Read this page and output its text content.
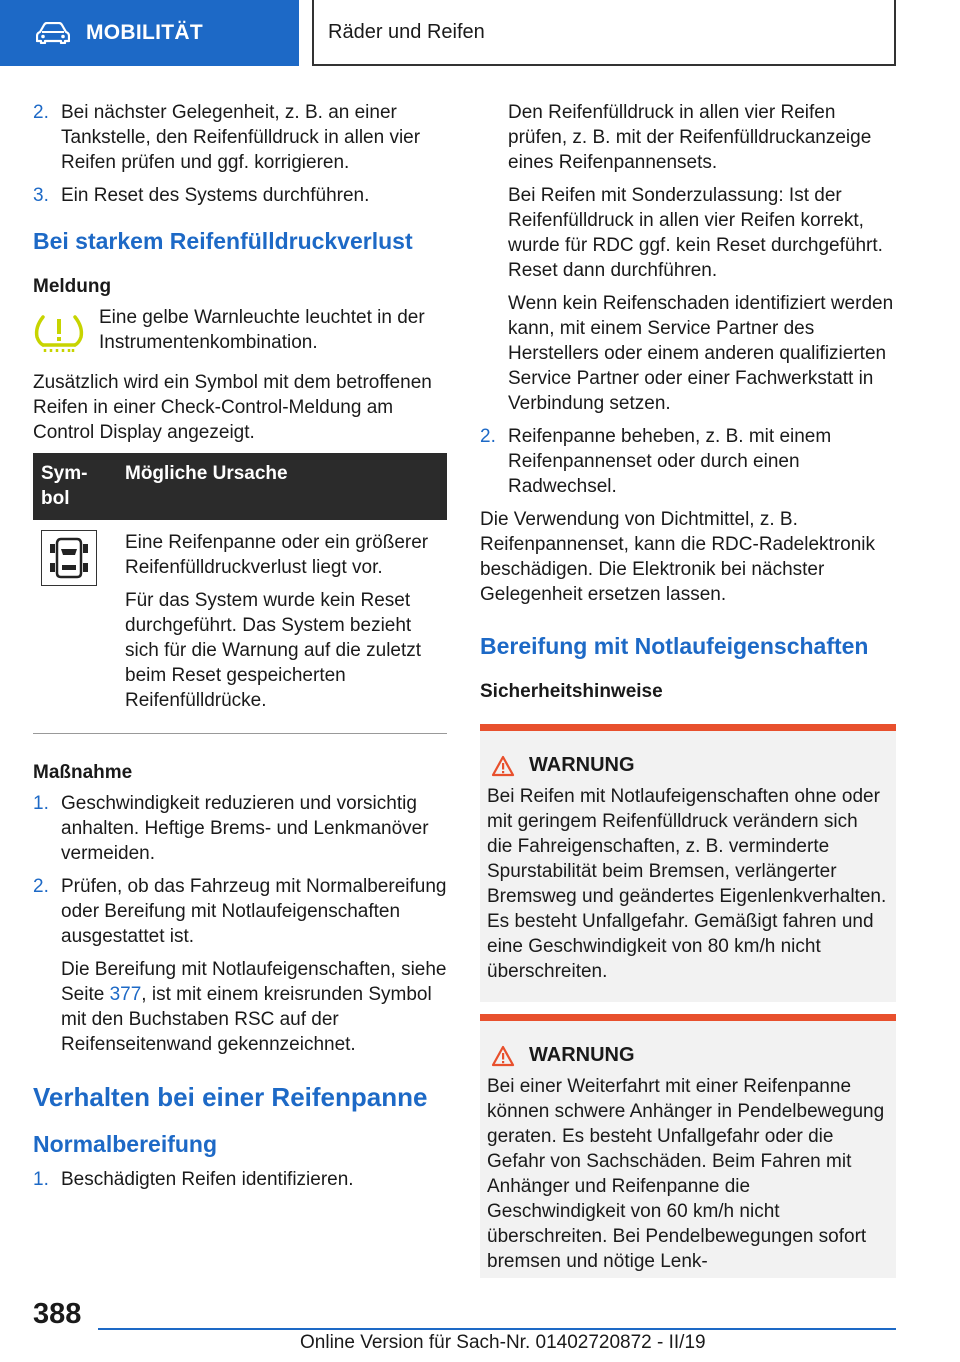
MOBILITÄT	Räder und Reifen
2. Bei nächster Gelegenheit, z. B. an einer Tankstelle, den Reifenfülldruck in allen vier Reifen prüfen und ggf. korrigieren.
3. Ein Reset des Systems durchführen.
Bei starkem Reifenfülldruckverlust
Meldung
Eine gelbe Warnleuchte leuchtet in der Instrumentenkombination.

Zusätzlich wird ein Symbol mit dem betroffenen Reifen in einer Check-Control-Meldung am Control Display angezeigt.

Sym-bol	Mögliche Ursache

Eine Reifenpanne oder ein größerer Reifenfülldruckverlust liegt vor.

Für das System wurde kein Reset durchgeführt. Das System bezieht sich für die Warnung auf die zuletzt beim Reset gespeicherten Reifenfülldrücke.

Maßnahme
1. Geschwindigkeit reduzieren und vorsichtig anhalten. Heftige Brems- und Lenkmanöver vermeiden.
2. Prüfen, ob das Fahrzeug mit Normalbereifung oder Bereifung mit Notlaufeigenschaften ausgestattet ist.

Die Bereifung mit Notlaufeigenschaften, siehe Seite 377, ist mit einem kreisrunden Symbol mit den Buchstaben RSC auf der Reifenseitenwand gekennzeichnet.

Verhalten bei einer Reifenpanne
Normalbereifung
1. Beschädigten Reifen identifizieren.

Den Reifenfülldruck in allen vier Reifen prüfen, z. B. mit der Reifenfülldruckanzeige eines Reifenpannensets.

Bei Reifen mit Sonderzulassung: Ist der Reifenfülldruck in allen vier Reifen korrekt, wurde für RDC ggf. kein Reset durchgeführt. Reset dann durchführen.

Wenn kein Reifenschaden identifiziert werden kann, mit einem Service Partner des Herstellers oder einem anderen qualifizierten Service Partner oder einer Fachwerkstatt in Verbindung setzen.

2. Reifenpanne beheben, z. B. mit einem Reifenpannenset oder durch einen Radwechsel.

Die Verwendung von Dichtmittel, z. B. Reifenpannenset, kann die RDC-Radelektronik beschädigen. Die Elektronik bei nächster Gelegenheit ersetzen lassen.

Bereifung mit Notlaufeigenschaften
Sicherheitshinweise
WARNUNG

Bei Reifen mit Notlaufeigenschaften ohne oder mit geringem Reifenfülldruck verändern sich die Fahreigenschaften, z. B. verminderte Spurstabilität beim Bremsen, verlängerter Bremsweg und geändertes Eigenlenkverhalten. Es besteht Unfallgefahr. Gemäßigt fahren und eine Geschwindigkeit von 80 km/h nicht überschreiten.

WARNUNG

Bei einer Weiterfahrt mit einer Reifenpanne können schwere Anhänger in Pendelbewegung geraten. Es besteht Unfallgefahr oder die Gefahr von Sachschäden. Beim Fahren mit Anhänger und Reifenpanne die Geschwindigkeit von 60 km/h nicht überschreiten. Bei Pendelbewegungen sofort bremsen und nötige Lenk-

388
Online Version für Sach-Nr. 01402720872 - II/19
